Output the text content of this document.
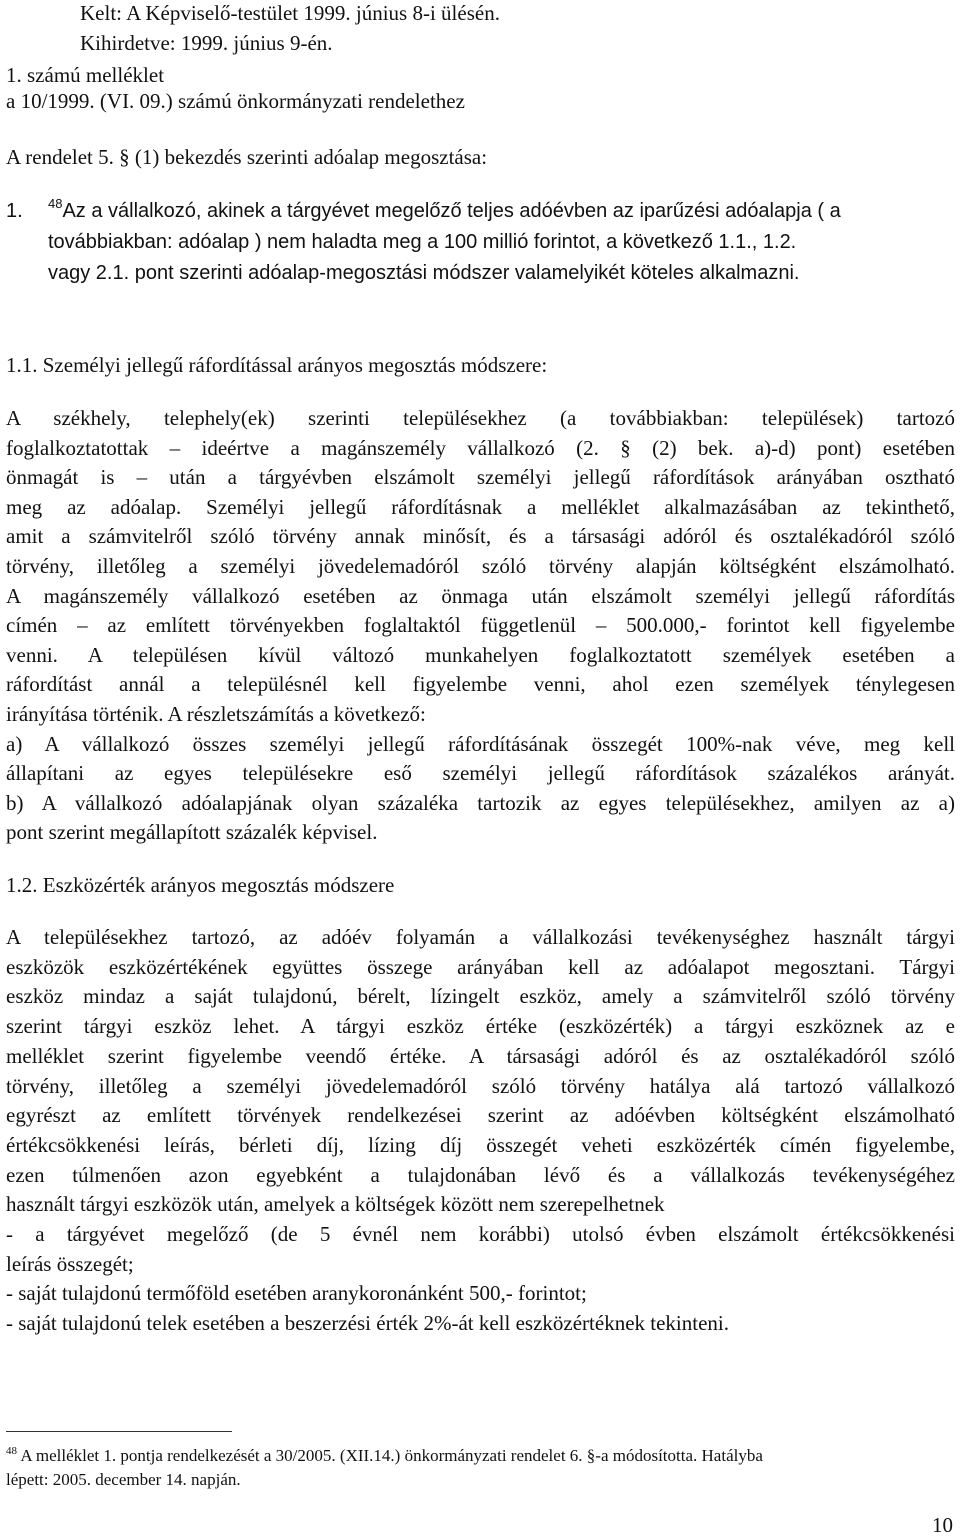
Kelt: A Képviselő-testület 1999. június 8-i ülésén.
Kihirdetve: 1999. június 9-én.
1. számú melléklet
a 10/1999. (VI. 09.) számú önkormányzati rendelethez
A rendelet 5. § (1) bekezdés szerinti adóalap megosztása:
1. $^{48}$Az a vállalkozó, akinek a tárgyévet megelőző teljes adóévben az iparűzési adóalapja ( a
továbbiakban: adóalap ) nem haladta meg a 100 millió forintot, a következő 1.1., 1.2.
vagy 2.1. pont szerinti adóalap-megosztási módszer valamelyikét köteles alkalmazni.
1.1. Személyi jellegű ráfordítással arányos megosztás módszere:
A székhely, telephely(ek) szerinti településekhez (a továbbiakban: települések) tartozó
foglalkoztatottak – ideértve a magánszemély vállalkozó (2. § (2) bek. a)-d) pont) esetében
önmagát is – után a tárgyévben elszámolt személyi jellegű ráfordítások arányában osztható
meg az adóalap. Személyi jellegű ráfordításnak a melléklet alkalmazásában az tekinthető,
amit a számvitelről szóló törvény annak minősít, és a társasági adóról és osztalékadóról szóló
törvény, illetőleg a személyi jövedelemadóról szóló törvény alapján költségként elszámolható.
A magánszemély vállalkozó esetében az önmaga után elszámolt személyi jellegű ráfordítás
címén – az említett törvényekben foglaltaktól függetlenül – 500.000,- forintot kell figyelembe
venni. A településen kívül változó munkahelyen foglalkoztatott személyek esetében a
ráfordítást annál a településnél kell figyelembe venni, ahol ezen személyek ténylegesen
irányítása történik. A részletszámítás a következő:
a) A vállalkozó összes személyi jellegű ráfordításának összegét 100%-nak véve, meg kell
állapítani az egyes településekre eső személyi jellegű ráfordítások százalékos arányát.
b) A vállalkozó adóalapjának olyan százaléka tartozik az egyes településekhez, amilyen az a)
pont szerint megállapított százalék képvisel.
1.2. Eszközérték arányos megosztás módszere
A településekhez tartozó, az adóév folyamán a vállalkozási tevékenységhez használt tárgyi
eszközök eszközértékének együttes összege arányában kell az adóalapot megosztani. Tárgyi
eszköz mindaz a saját tulajdonú, bérelt, lízingelt eszköz, amely a számvitelről szóló törvény
szerint tárgyi eszköz lehet. A tárgyi eszköz értéke (eszközérték) a tárgyi eszköznek az e
melléklet szerint figyelembe veendő értéke. A társasági adóról és az osztalékadóról szóló
törvény, illetőleg a személyi jövedelemadóról szóló törvény hatálya alá tartozó vállalkozó
egyrészt az említett törvények rendelkezései szerint az adóévben költségként elszámolható
értékcsökkenési leírás, bérleti díj, lízing díj összegét veheti eszközérték címén figyelembe,
ezen túlmenően azon egyebként a tulajdonában lévő és a vállalkozás tevékenységéhez
használt tárgyi eszközök után, amelyek a költségek között nem szerepelhetnek
- a tárgyévet megelőző (de 5 évnél nem korábbi) utolsó évben elszámolt értékcsökkenési
leírás összegét;
- saját tulajdonú termőföld esetében aranykoronánként 500,- forintot;
- saját tulajdonú telek esetében a beszerzési érték 2%-át kell eszközértéknek tekinteni.
$^{48}$ A melléklet 1. pontja rendelkezését a 30/2005. (XII.14.) önkormányzati rendelet 6. §-a módosította. Hatályba
lépett: 2005. december 14. napján.
10
